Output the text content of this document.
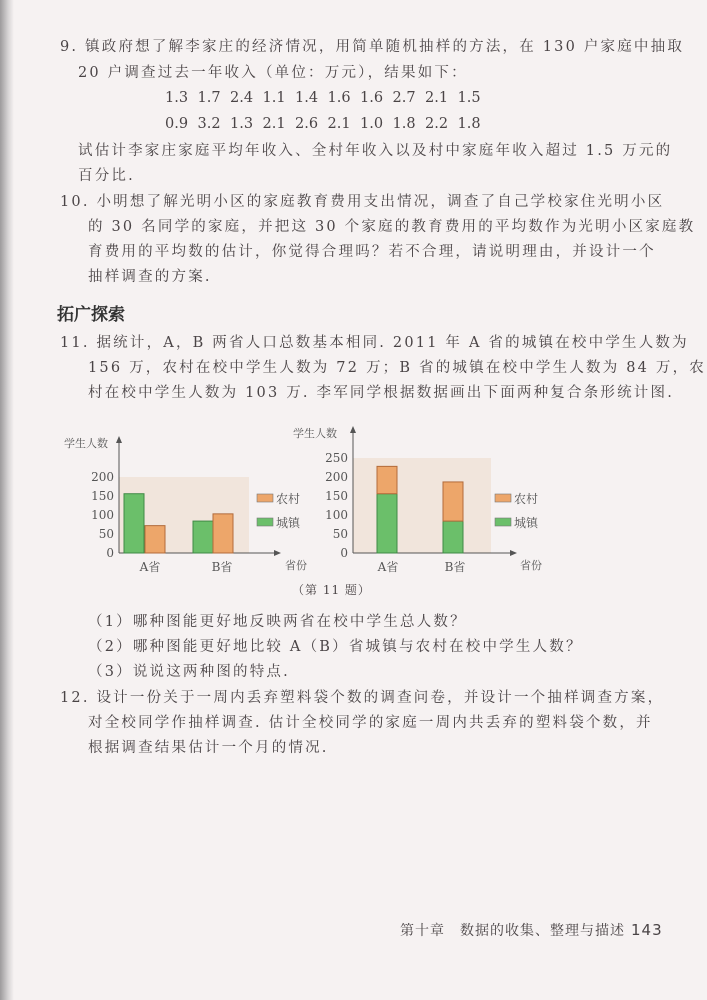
9. 镇政府想了解李家庄的经济情况，用简单随机抽样的方法，在 130 户家庭中抽取
20 户调查过去一年收入（单位：万元），结果如下：
1.3 1.7 2.4 1.1 1.4 1.6 1.6 2.7 2.1 1.5
0.9 3.2 1.3 2.1 2.6 2.1 1.0 1.8 2.2 1.8
试估计李家庄家庭平均年收入、全村年收入以及村中家庭年收入超过 1.5 万元的
百分比.
10. 小明想了解光明小区的家庭教育费用支出情况，调查了自己学校家住光明小区
的 30 名同学的家庭，并把这 30 个家庭的教育费用的平均数作为光明小区家庭教
育费用的平均数的估计，你觉得合理吗？若不合理，请说明理由，并设计一个
抽样调查的方案.
拓广探索
11. 据统计，A，B 两省人口总数基本相同. 2011 年 A 省的城镇在校中学生人数为
156 万，农村在校中学生人数为 72 万；B 省的城镇在校中学生人数为 84 万，农
村在校中学生人数为 103 万. 李军同学根据数据画出下面两种复合条形统计图.
学生人数
省份
0
50
100
150
200
A省	B省
农村
城镇
学生人数
省份
0
50
100
150
200
250
A省	B省
农村
城镇
（第 11 题）
（1）哪种图能更好地反映两省在校中学生总人数？
（2）哪种图能更好地比较 A（B）省城镇与农村在校中学生人数？
（3）说说这两种图的特点.
12. 设计一份关于一周内丢弃塑料袋个数的调查问卷，并设计一个抽样调查方案，
对全校同学作抽样调查. 估计全校同学的家庭一周内共丢弃的塑料袋个数，并
根据调查结果估计一个月的情况.
第十章　数据的收集、整理与描述 143
